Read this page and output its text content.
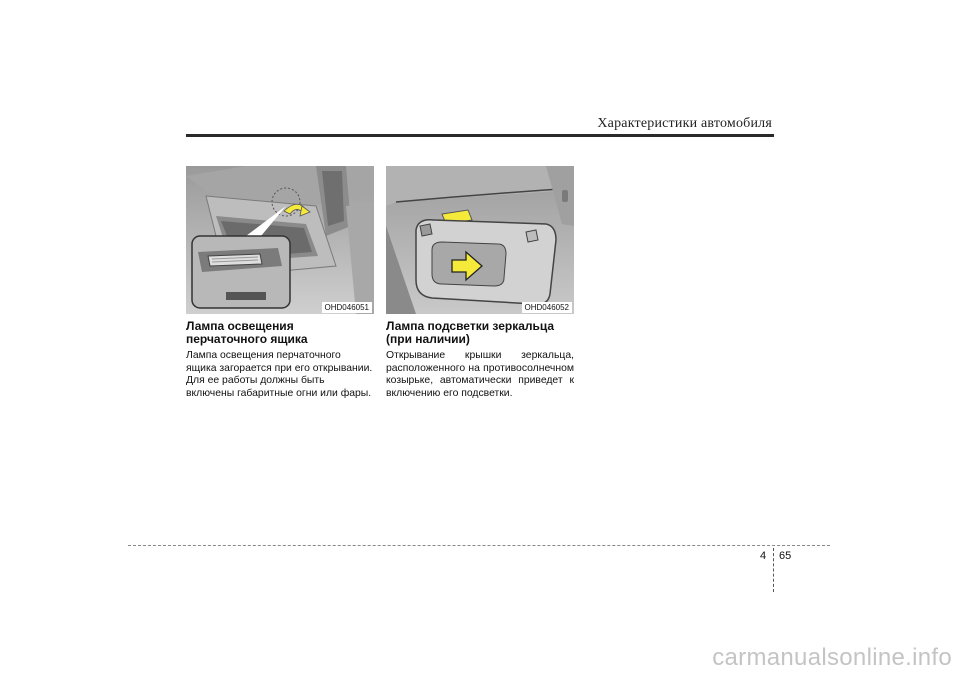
Характеристики автомобиля
OHD046051
Лампа освещения перчаточного ящика

Лампа освещения перчаточного ящика загорается при его открывании.

Для ее работы должны быть включены габаритные огни или фары.

OHD046052
Лампа подсветки зеркальца (при наличии)

Открывание крышки зеркальца, расположенного на противосолнечном козырьке, автоматически приведет к включению его подсветки.

4 65
carmanualsonline.info
